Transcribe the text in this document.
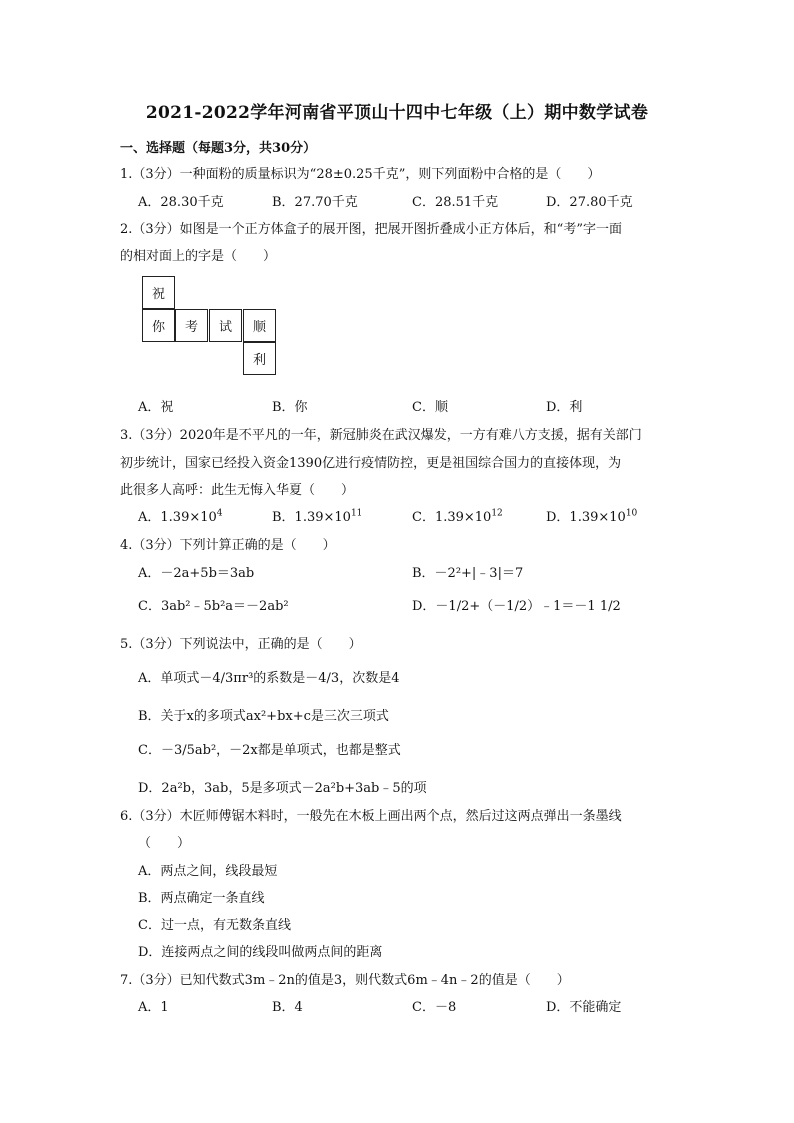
2021-2022学年河南省平顶山十四中七年级（上）期中数学试卷
一、选择题（每题3分，共30分）
1.（3分）一种面粉的质量标识为“28±0.25千克”，则下列面粉中合格的是（　　）
A．28.30千克	B．27.70千克	C．28.51千克	D．27.80千克
2.（3分）如图是一个正方体盒子的展开图，把展开图折叠成小正方体后，和“考”字一面
的相对面上的字是（　　）
祝
你	考	试	顺
利
A．祝	B．你	C．顺	D．利
3.（3分）2020年是不平凡的一年，新冠肺炎在武汉爆发，一方有难八方支援，据有关部门
初步统计，国家已经投入资金1390亿进行疫情防控，更是祖国综合国力的直接体现，为
此很多人高呼：此生无悔入华夏（　　）
A．$1.39\times 10^4$	B．$1.39\times 10^{11}$	C．$1.39\times 10^{12}$	D．$1.39\times 10^{10}$
4.（3分）下列计算正确的是（　　）
A．－2a+5b＝3ab	B．－2²+|﹣3|＝7
C．3ab²﹣5b²a＝－2ab²	D．－1/2+（－1/2）﹣1＝－1 1/2
5.（3分）下列说法中，正确的是（　　）
A．单项式－4/3πr³的系数是－4/3，次数是4
B．关于x的多项式ax²+bx+c是三次三项式
C．－3/5ab²，－2x都是单项式，也都是整式
D．2a²b，3ab，5是多项式－2a²b+3ab﹣5的项
6.（3分）木匠师傅锯木料时，一般先在木板上画出两个点，然后过这两点弹出一条墨线
（　　）
A．两点之间，线段最短
B．两点确定一条直线
C．过一点，有无数条直线
D．连接两点之间的线段叫做两点间的距离
7.（3分）已知代数式3m﹣2n的值是3，则代数式6m﹣4n﹣2的值是（　　）
A．1	B．4	C．－8	D．不能确定
